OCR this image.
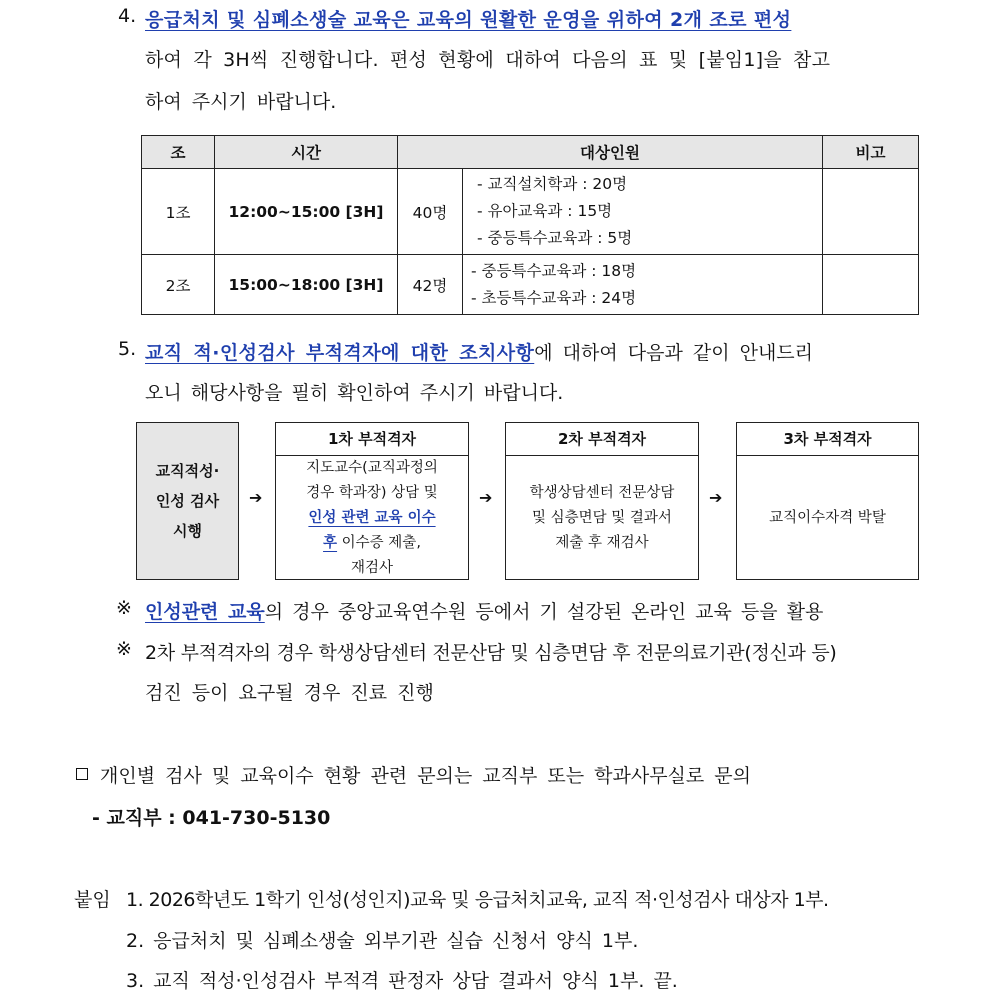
4. 응급처치 및 심폐소생술 교육은 교육의 원활한 운영을 위하여 2개 조로 편성
하여 각 3H씩 진행합니다. 편성 현황에 대하여 다음의 표 및 [붙임1]을 참고
하여 주시기 바랍니다.
조	시간	대상인원		비고
1조	12:00~15:00 [3H]	40명	- 교직설치학과 : 20명
- 유아교육과 : 15명
- 중등특수교육과 : 5명	

2조	15:00~18:00 [3H]	42명	- 중등특수교육과 : 18명
- 초등특수교육과 : 24명	

5. 교직 적·인성검사 부적격자에 대한 조치사항에 대하여 다음과 같이 안내드리
오니 해당사항을 필히 확인하여 주시기 바랍니다.
교직적성·
인성 검사
시행
➔
1차 부적격자
지도교수(교직과정의
경우 학과장) 상담 및
인성 관련 교육 이수
후 이수증 제출,
재검사
➔
2차 부적격자
학생상담센터 전문상담
및 심층면담 및 결과서
제출 후 재검사
➔
3차 부적격자
교직이수자격 박탈
※ 인성관련 교육의 경우 중앙교육연수원 등에서 기 설강된 온라인 교육 등을 활용
※ 2차 부적격자의 경우 학생상담센터 전문산담 및 심층면담 후 전문의료기관(정신과 등)
검진 등이 요구될 경우 진료 진행
개인별 검사 및 교육이수 현황 관련 문의는 교직부 또는 학과사무실로 문의
- 교직부 : 041-730-5130
붙임 1. 2026학년도 1학기 인성(성인지)교육 및 응급처치교육, 교직 적·인성검사 대상자 1부.
2. 응급처치 및 심폐소생술 외부기관 실습 신청서 양식 1부.
3. 교직 적성·인성검사 부적격 판정자 상담 결과서 양식 1부. 끝.
